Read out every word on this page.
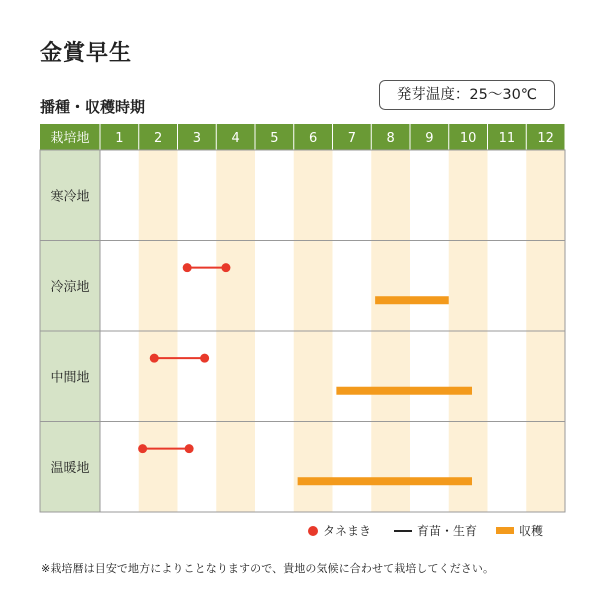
金賞早生
発芽温度：25〜30℃
播種・収穫時期
栽培地 1 2 3 4 5 6 7 8 9 10 11 12
寒冷地
冷涼地
中間地
温暖地
タネまき	育苗・生育	収穫
※栽培暦は目安で地方によりことなりますので、貴地の気候に合わせて栽培してください。
